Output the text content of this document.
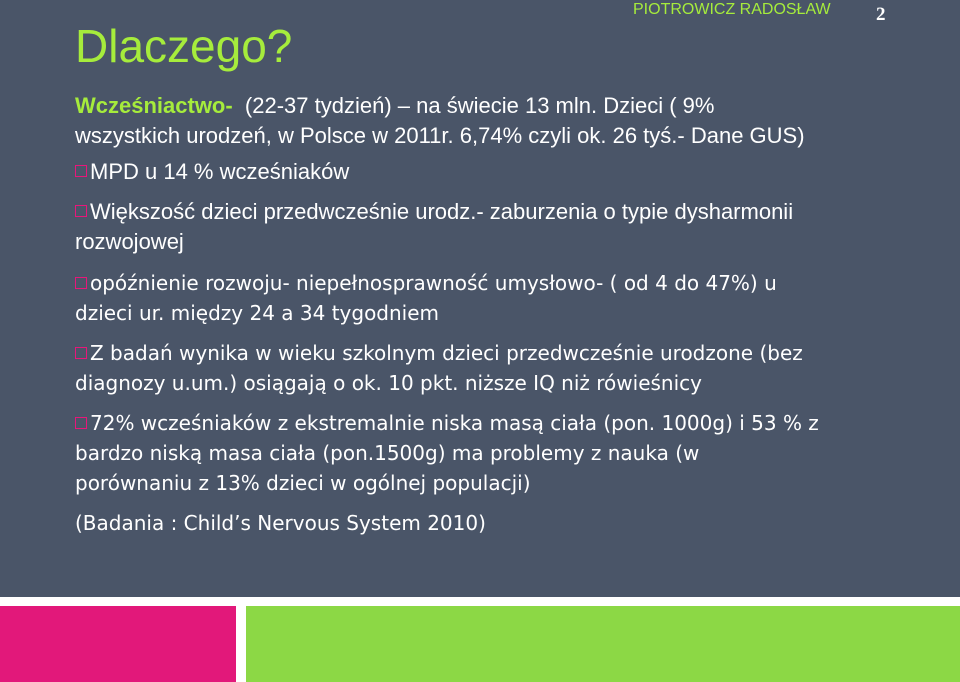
PIOTROWICZ RADOSŁAW 2
Dlaczego?

Wcześniactwo-  (22-37 tydzień) – na świecie 13 mln. Dzieci ( 9%
wszystkich urodzeń, w Polsce w 2011r. 6,74% czyli ok. 26 tyś.- Dane GUS)

MPD u 14 % wcześniaków

Większość dzieci przedwcześnie urodz.- zaburzenia o typie dysharmonii
rozwojowej

opóźnienie rozwoju- niepełnosprawność umysłowo- ( od 4 do 47%) u
dzieci ur. między 24 a 34 tygodniem

Z badań wynika w wieku szkolnym dzieci przedwcześnie urodzone (bez
diagnozy u.um.) osiągają o ok. 10 pkt. niższe IQ niż rówieśnicy

72% wcześniaków z ekstremalnie niska masą ciała (pon. 1000g) i 53 % z
bardzo niską masa ciała (pon.1500g) ma problemy z nauka (w
porównaniu z 13% dzieci w ogólnej populacji)

(Badania : Child’s Nervous System 2010)
